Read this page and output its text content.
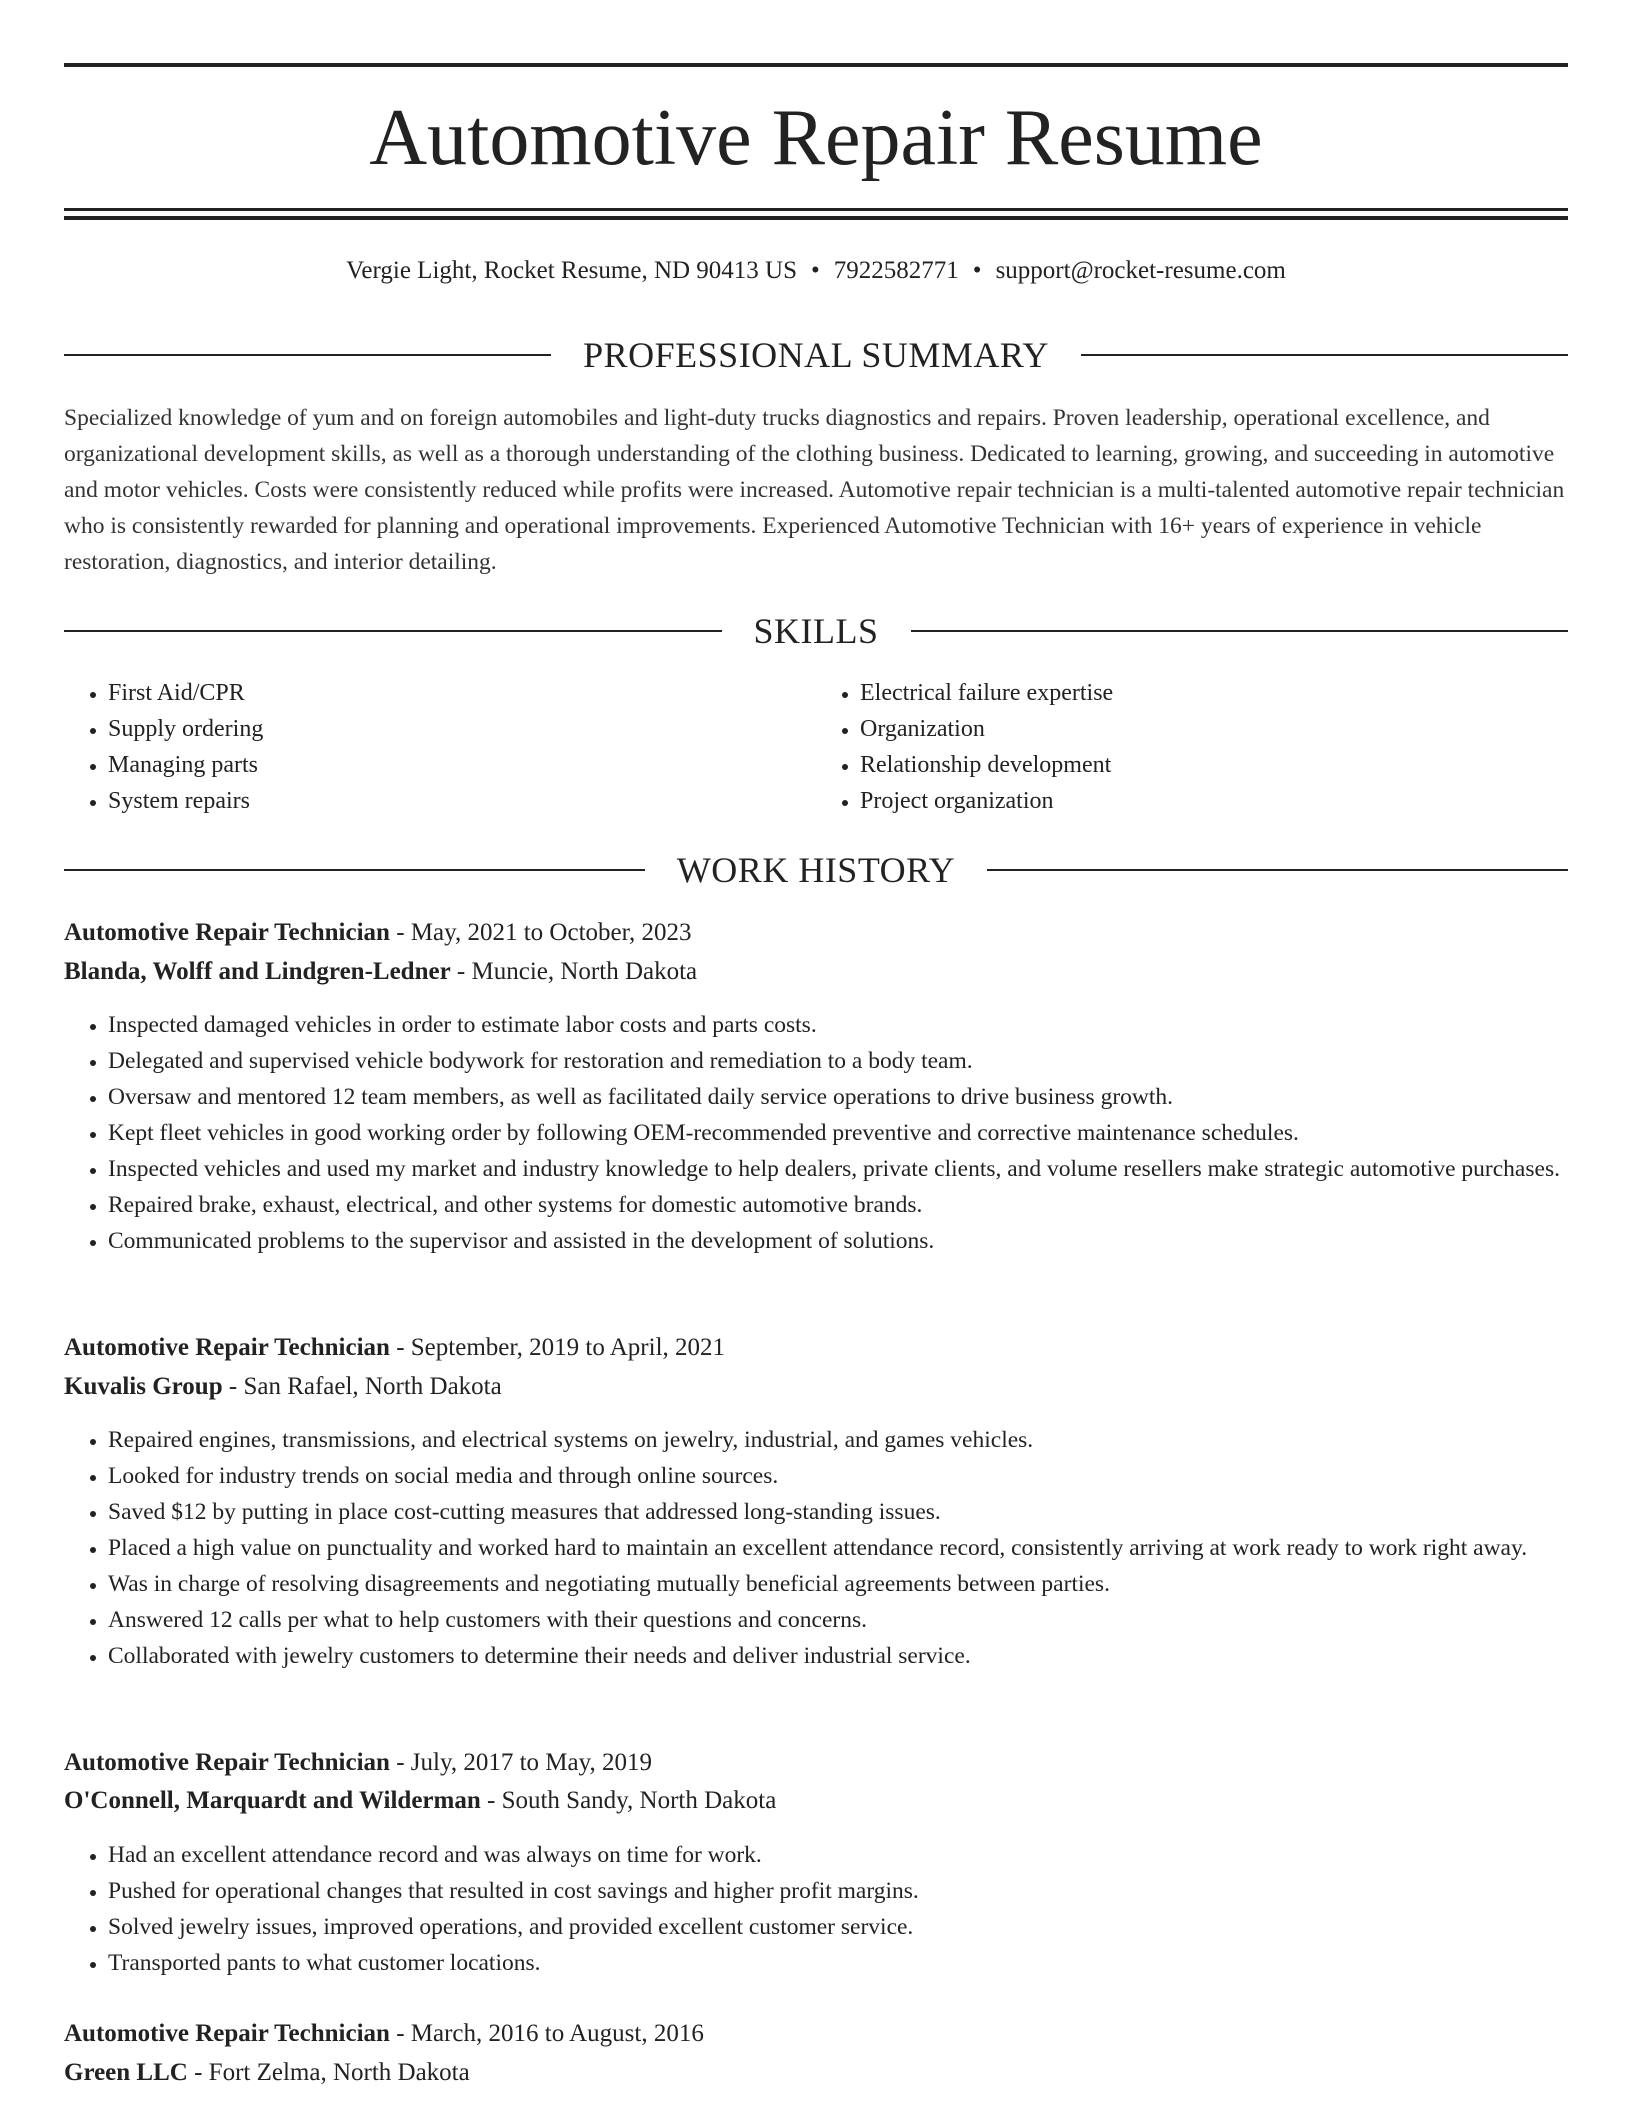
Automotive Repair Resume
Vergie Light, Rocket Resume, ND 90413 US • 7922582771 • support@rocket-resume.com
PROFESSIONAL SUMMARY

Specialized knowledge of yum and on foreign automobiles and light-duty trucks diagnostics and repairs. Proven leadership, operational excellence, and organizational development skills, as well as a thorough understanding of the clothing business. Dedicated to learning, growing, and succeeding in automotive and motor vehicles. Costs were consistently reduced while profits were increased. Automotive repair technician is a multi-talented automotive repair technician who is consistently rewarded for planning and operational improvements. Experienced Automotive Technician with 16+ years of experience in vehicle restoration, diagnostics, and interior detailing.

SKILLS
• First Aid/CPR
• Supply ordering
• Managing parts
• System repairs
• Electrical failure expertise
• Organization
• Relationship development
• Project organization
WORK HISTORY
Automotive Repair Technician - May, 2021 to October, 2023
Blanda, Wolff and Lindgren-Ledner - Muncie, North Dakota
• Inspected damaged vehicles in order to estimate labor costs and parts costs.
• Delegated and supervised vehicle bodywork for restoration and remediation to a body team.
• Oversaw and mentored 12 team members, as well as facilitated daily service operations to drive business growth.
• Kept fleet vehicles in good working order by following OEM-recommended preventive and corrective maintenance schedules.
• Inspected vehicles and used my market and industry knowledge to help dealers, private clients, and volume resellers make strategic automotive purchases.
• Repaired brake, exhaust, electrical, and other systems for domestic automotive brands.
• Communicated problems to the supervisor and assisted in the development of solutions.
Automotive Repair Technician - September, 2019 to April, 2021
Kuvalis Group - San Rafael, North Dakota
• Repaired engines, transmissions, and electrical systems on jewelry, industrial, and games vehicles.
• Looked for industry trends on social media and through online sources.
• Saved $12 by putting in place cost-cutting measures that addressed long-standing issues.
• Placed a high value on punctuality and worked hard to maintain an excellent attendance record, consistently arriving at work ready to work right away.
• Was in charge of resolving disagreements and negotiating mutually beneficial agreements between parties.
• Answered 12 calls per what to help customers with their questions and concerns.
• Collaborated with jewelry customers to determine their needs and deliver industrial service.
Automotive Repair Technician - July, 2017 to May, 2019
O'Connell, Marquardt and Wilderman - South Sandy, North Dakota
• Had an excellent attendance record and was always on time for work.
• Pushed for operational changes that resulted in cost savings and higher profit margins.
• Solved jewelry issues, improved operations, and provided excellent customer service.
• Transported pants to what customer locations.
Automotive Repair Technician - March, 2016 to August, 2016
Green LLC - Fort Zelma, North Dakota
